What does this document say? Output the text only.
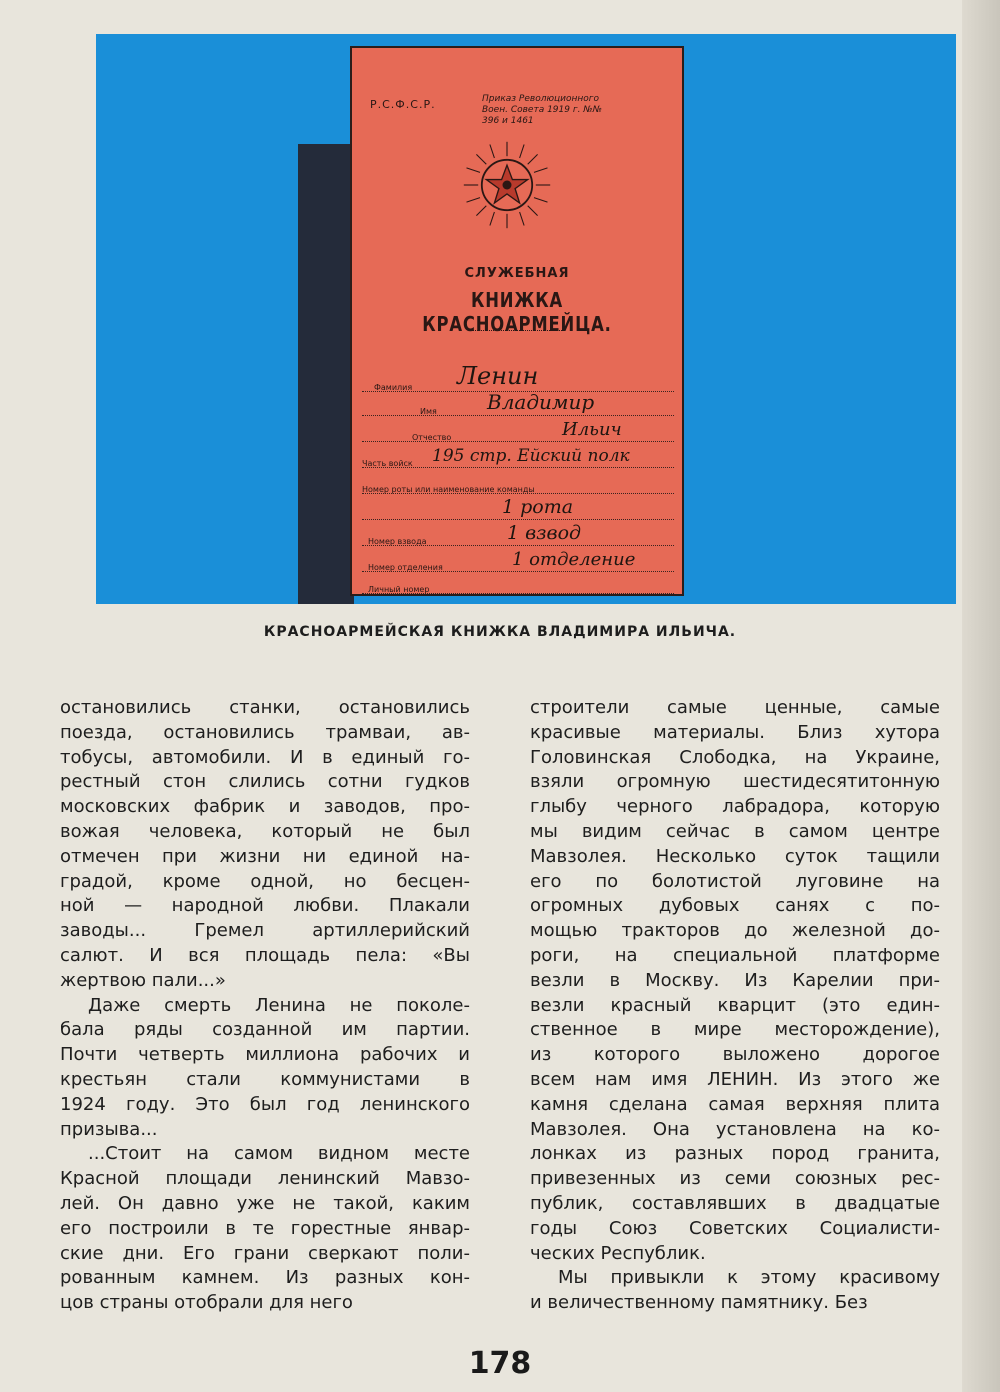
Р.С.Ф.С.Р.	Приказ Революционного Воен. Совета 1919 г. №№ 396 и 1461
СЛУЖЕБНАЯ
КНИЖКА КРАСНОАРМЕЙЦА.
Фамилия Ленин
Имя	Владимир
Отчество	Ильич
Часть войск 195 стр. Ейский полк
Номер роты или наименование команды
1 рота
Номер взвода	1 взвод
Номер отделения	1 отделение
Личный номер
КРАСНОАРМЕЙСКАЯ КНИЖКА ВЛАДИМИРА ИЛЬИЧА.
остановились станки, остановились
поезда, остановились трамваи, ав-
тобусы, автомобили. И в единый го-
рестный стон слились сотни гудков
московских фабрик и заводов, про-
вожая человека, который не был
отмечен при жизни ни единой на-
градой, кроме одной, но бесцен-
ной — народной любви. Плакали
заводы... Гремел артиллерийский
салют. И вся площадь пела: «Вы
жертвою пали...»
Даже смерть Ленина не поколе-
бала ряды созданной им партии.
Почти четверть миллиона рабочих и
крестьян стали коммунистами в
1924 году. Это был год ленинского
призыва...
...Стоит на самом видном месте
Красной площади ленинский Мавзо-
лей. Он давно уже не такой, каким
его построили в те горестные январ-
ские дни. Его грани сверкают поли-
рованным камнем. Из разных кон-
цов страны отобрали для него
строители самые ценные, самые
красивые материалы. Близ хутора
Головинская Слободка, на Украине,
взяли огромную шестидесятитонную
глыбу черного лабрадора, которую
мы видим сейчас в самом центре
Мавзолея. Несколько суток тащили
его по болотистой луговине на
огромных дубовых санях с по-
мощью тракторов до железной до-
роги, на специальной платформе
везли в Москву. Из Карелии при-
везли красный кварцит (это един-
ственное в мире месторождение),
из которого выложено дорогое
всем нам имя ЛЕНИН. Из этого же
камня сделана самая верхняя плита
Мавзолея. Она установлена на ко-
лонках из разных пород гранита,
привезенных из семи союзных рес-
публик, составлявших в двадцатые
годы Союз Советских Социалисти-
ческих Республик.
Мы привыкли к этому красивому
и величественному памятнику. Без
178
